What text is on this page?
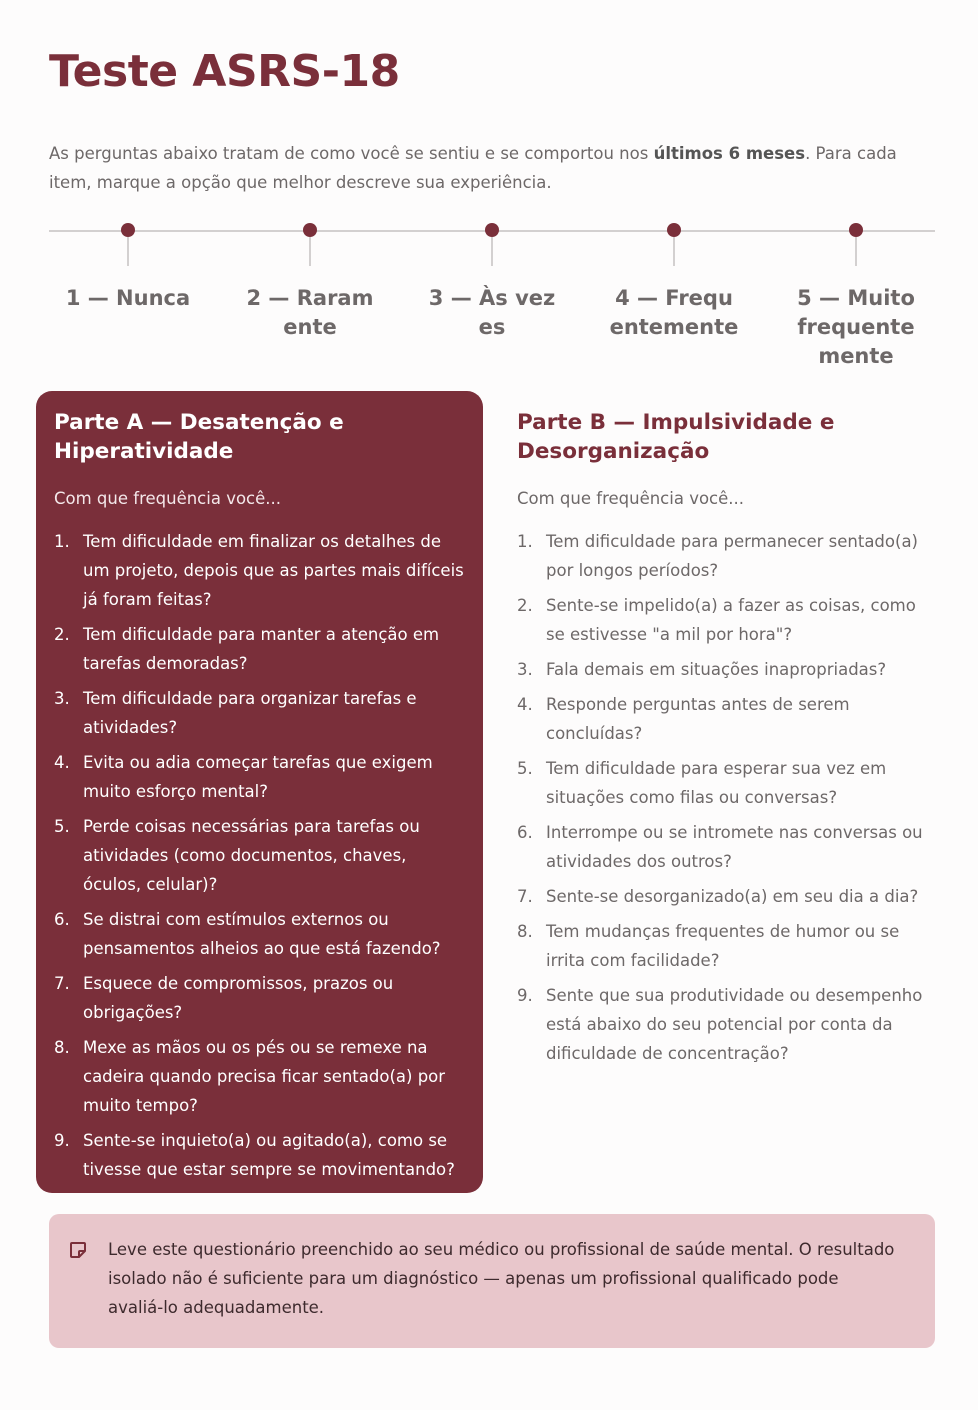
Teste ASRS-18

As perguntas abaixo tratam de como você se sentiu e se comportou nos últimos 6 meses. Para cada item, marque a opção que melhor descreve sua experiência.

1 — Nunca	2 — Raramente
3 — Às vezes
4 — Frequentemente
5 — Muito frequentemente
Parte A — Desatenção e Hiperatividade

Com que frequência você...

1. Tem dificuldade em finalizar os detalhes de um projeto, depois que as partes mais difíceis já foram feitas?
2. Tem dificuldade para manter a atenção em tarefas demoradas?
3. Tem dificuldade para organizar tarefas e atividades?
4. Evita ou adia começar tarefas que exigem muito esforço mental?
5. Perde coisas necessárias para tarefas ou atividades (como documentos, chaves, óculos, celular)?
6. Se distrai com estímulos externos ou pensamentos alheios ao que está fazendo?
7. Esquece de compromissos, prazos ou obrigações?
8. Mexe as mãos ou os pés ou se remexe na cadeira quando precisa ficar sentado(a) por muito tempo?
9. Sente-se inquieto(a) ou agitado(a), como se tivesse que estar sempre se movimentando?
Parte B — Impulsividade e Desorganização

Com que frequência você...

1. Tem dificuldade para permanecer sentado(a) por longos períodos?
2. Sente-se impelido(a) a fazer as coisas, como se estivesse "a mil por hora"?
3. Fala demais em situações inapropriadas?
4. Responde perguntas antes de serem concluídas?
5. Tem dificuldade para esperar sua vez em situações como filas ou conversas?
6. Interrompe ou se intromete nas conversas ou atividades dos outros?
7. Sente-se desorganizado(a) em seu dia a dia?
8. Tem mudanças frequentes de humor ou se irrita com facilidade?
9. Sente que sua produtividade ou desempenho está abaixo do seu potencial por conta da dificuldade de concentração?

Leve este questionário preenchido ao seu médico ou profissional de saúde mental. O resultado isolado não é suficiente para um diagnóstico — apenas um profissional qualificado pode avaliá-lo adequadamente.
